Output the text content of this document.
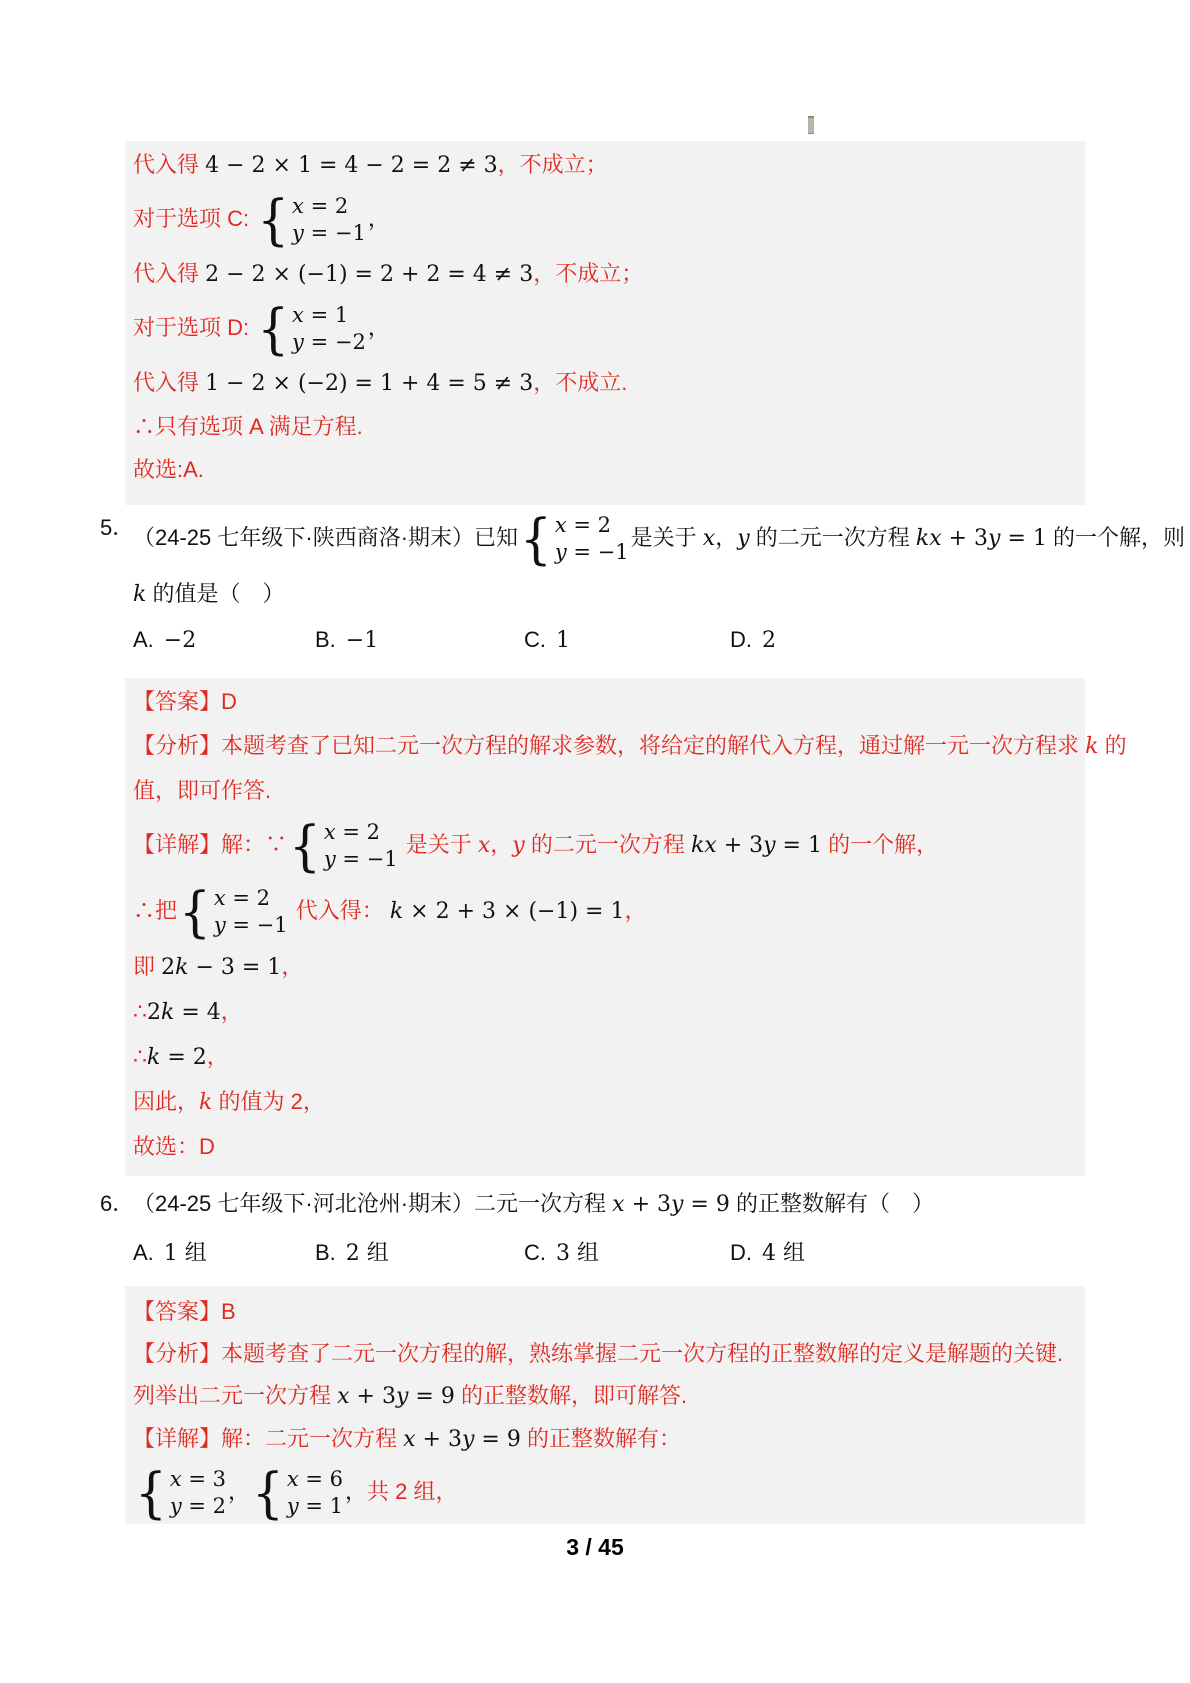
代入得 4 − 2 × 1 = 4 − 2 = 2 ≠ 3，不成立；
对于选项 C: { x = 2
y = −1
，
代入得 2 − 2 × (−1) = 2 + 2 = 4 ≠ 3，不成立；
对于选项 D: { x = 1
y = −2
，
代入得 1 − 2 × (−2) = 1 + 4 = 5 ≠ 3，不成立.
∴只有选项 A 满足方程.
故选:A.
5．
（24-25 七年级下·陕西商洛·期末）已知 { x = 2
y = −1
是关于 x，y 的二元一次方程 kx + 3y = 1 的一个解，则
k 的值是（　）
A. −2	B. −1	C. 1	D. 2
【答案】D
【分析】本题考查了已知二元一次方程的解求参数，将给定的解代入方程，通过解一元一次方程求 k 的
值，即可作答.
【详解】解：∵ { x = 2
y = −1
是关于 x，y 的二元一次方程 kx + 3y = 1 的一个解，
∴把 { x = 2
y = −1
代入得： k × 2 + 3 × (−1) = 1，
即 2k − 3 = 1，
∴2k = 4，
∴k = 2，
因此，k 的值为 2，
故选：D
6．
（24-25 七年级下·河北沧州·期末）二元一次方程 x + 3y = 9 的正整数解有（　）
A. 1 组	B. 2 组	C. 3 组	D. 4 组
【答案】B
【分析】本题考查了二元一次方程的解，熟练掌握二元一次方程的正整数解的定义是解题的关键.
列举出二元一次方程 x + 3y = 9 的正整数解，即可解答.
【详解】解：二元一次方程 x + 3y = 9 的正整数解有：
{ x = 3
y = 2
， { x = 6
y = 1
，共 2 组，
3 / 45
